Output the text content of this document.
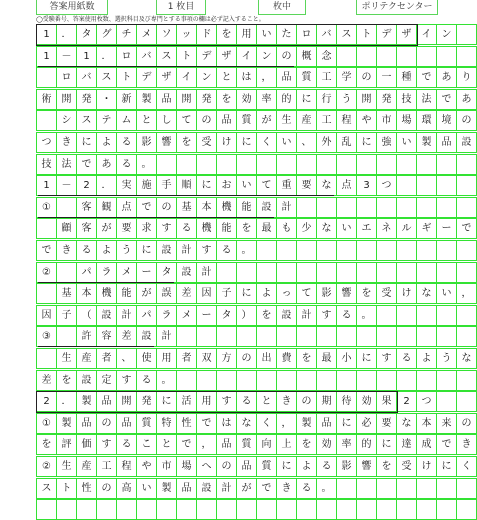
答案用紙数	1 枚目	枚中	ポリテクセンター
◯受験番号、答案使用枚数、選択科目及び専門とする事項の欄は必ず記入すること。
1	．	タ	グ	チ	メ	ソ	ッ	ド	を	用	い	た	ロ	バ	ス	ト	デ	ザ	イ	ン
1	－	1	．	ロ	バ	ス	ト	デ	ザ	イ	ン	の	概	念

ロ	バ	ス	ト	デ	ザ	イ	ン	と	は	，	品	質	工	学	の	一	種	で	あ	り
術	開	発	・	新	製	品	開	発	を	効	率	的	に	行	う	開	発	技	法	で	あ

シ	ス	テ	ム	と	し	て	の	品	質	が	生	産	工	程	や	市	場	環	境	の
つ	き	に	よ	る	影	響	を	受	け	に	く	い	、	外	乱	に	強	い	製	品	設
技	法	で	あ	る	。
1	－	2	．	実	施	手	順	に	お	い	て	重	要	な	点	3	つ
①
　	客	観	点	で	の	基	本	機	能	設	計

顧	客	が	要	求	す	る	機	能	を	最	も	少	な	い	エ	ネ	ル	ギ	ー	で
で	き	る	よ	う	に	設	計	す	る	。
②
　	パ	ラ	メ	ー	タ	設	計

基	本	機	能	が	誤	差	因	子	に	よ	っ	て	影	響	を	受	け	な	い	，
因	子	（	設	計	パ	ラ	メ	ー	タ	）	を	設	計	す	る	。
③
　	許	容	差	設	計

生	産	者	、	使	用	者	双	方	の	出	費	を	最	小	に	す	る	よ	う	な
差	を	設	定	す	る	。
2	．	製	品	開	発	に	活	用	す	る	と	き	の	期	待	効	果	2	つ
①	製	品	の	品	質	特	性	で	は	な	く	，	製	品	に	必	要	な	本	来	の
を	評	価	す	る	こ	と	で	，	品	質	向	上	を	効	率	的	に	達	成	で	き
②	生	産	工	程	や	市	場	へ	の	品	質	に	よ	る	影	響	を	受	け	に	く
ス	ト	性	の	高	い	製	品	設	計	が	で	き	る	。
